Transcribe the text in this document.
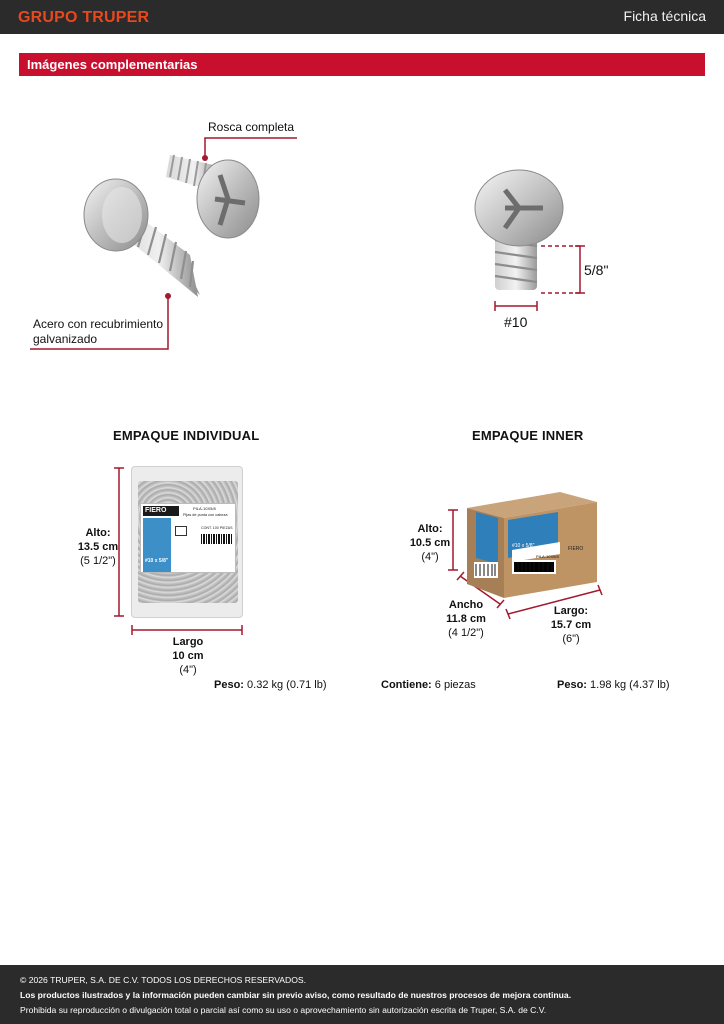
GRUPO TRUPER	Ficha técnica
Imágenes complementarias
Rosca completa
Acero con recubrimiento
galvanizado
5/8"
#10
EMPAQUE INDIVIDUAL
Alto:
13.5 cm
(5 1/2")
FIERO	PILA-10X5/8
Pijas de punta con cabeza
#10 x 5/8"
CONT. 100 PIEZAS
Largo
10 cm
(4")
Peso: 0.32 kg (0.71 lb)
EMPAQUE INNER
Alto:
10.5 cm
(4")
FIERO
PILA-10X5/8
#10 x 5/8"
Ancho
11.8 cm
(4 1/2")
Largo:
15.7 cm
(6")
Contiene: 6 piezas	Peso: 1.98 kg (4.37 lb)
© 2026 TRUPER, S.A. DE C.V. TODOS LOS DERECHOS RESERVADOS.
Los productos ilustrados y la información pueden cambiar sin previo aviso, como resultado de nuestros procesos de mejora continua.
Prohibida su reproducción o divulgación total o parcial así como su uso o aprovechamiento sin autorización escrita de Truper, S.A. de C.V.
